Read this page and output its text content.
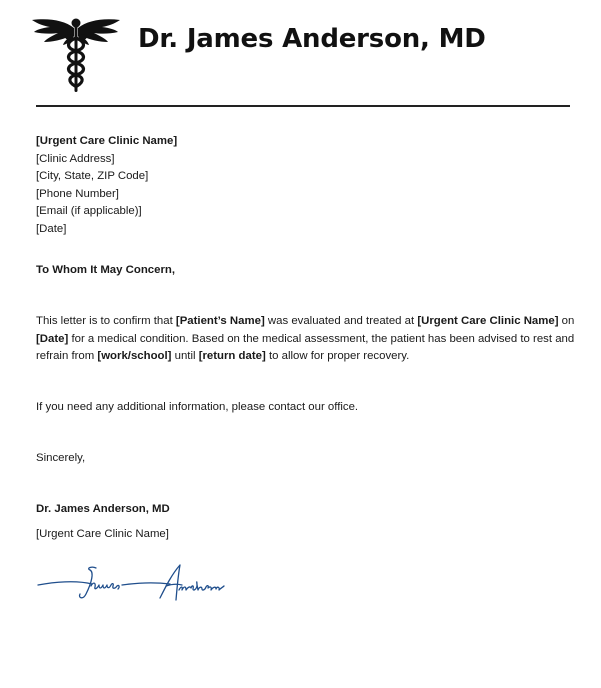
Dr. James Anderson, MD
[Urgent Care Clinic Name]
[Clinic Address]
[City, State, ZIP Code]
[Phone Number]
[Email (if applicable)]
[Date]
To Whom It May Concern,
This letter is to confirm that [Patient’s Name] was evaluated and treated at [Urgent Care Clinic Name] on
[Date] for a medical condition. Based on the medical assessment, the patient has been advised to rest and
refrain from [work/school] until [return date] to allow for proper recovery.
If you need any additional information, please contact our office.
Sincerely,
Dr. James Anderson, MD
[Urgent Care Clinic Name]
